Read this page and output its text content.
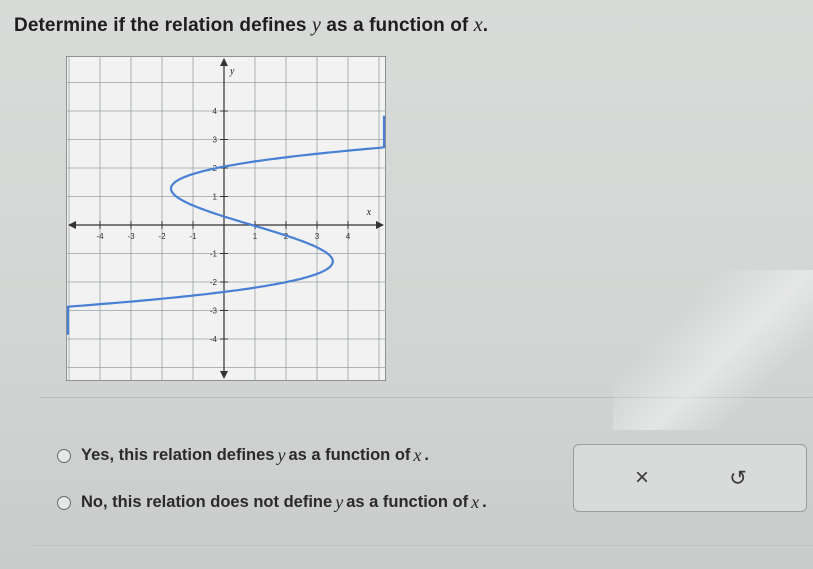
Determine if the relation defines y as a function of x.
-4	-3	-2	-1	1	2	3	4
4
3
2
1
-1
-2
-3
-4
x
y
Yes, this relation defines y as a function of x .
No, this relation does not define y as a function of x .
×	↺
